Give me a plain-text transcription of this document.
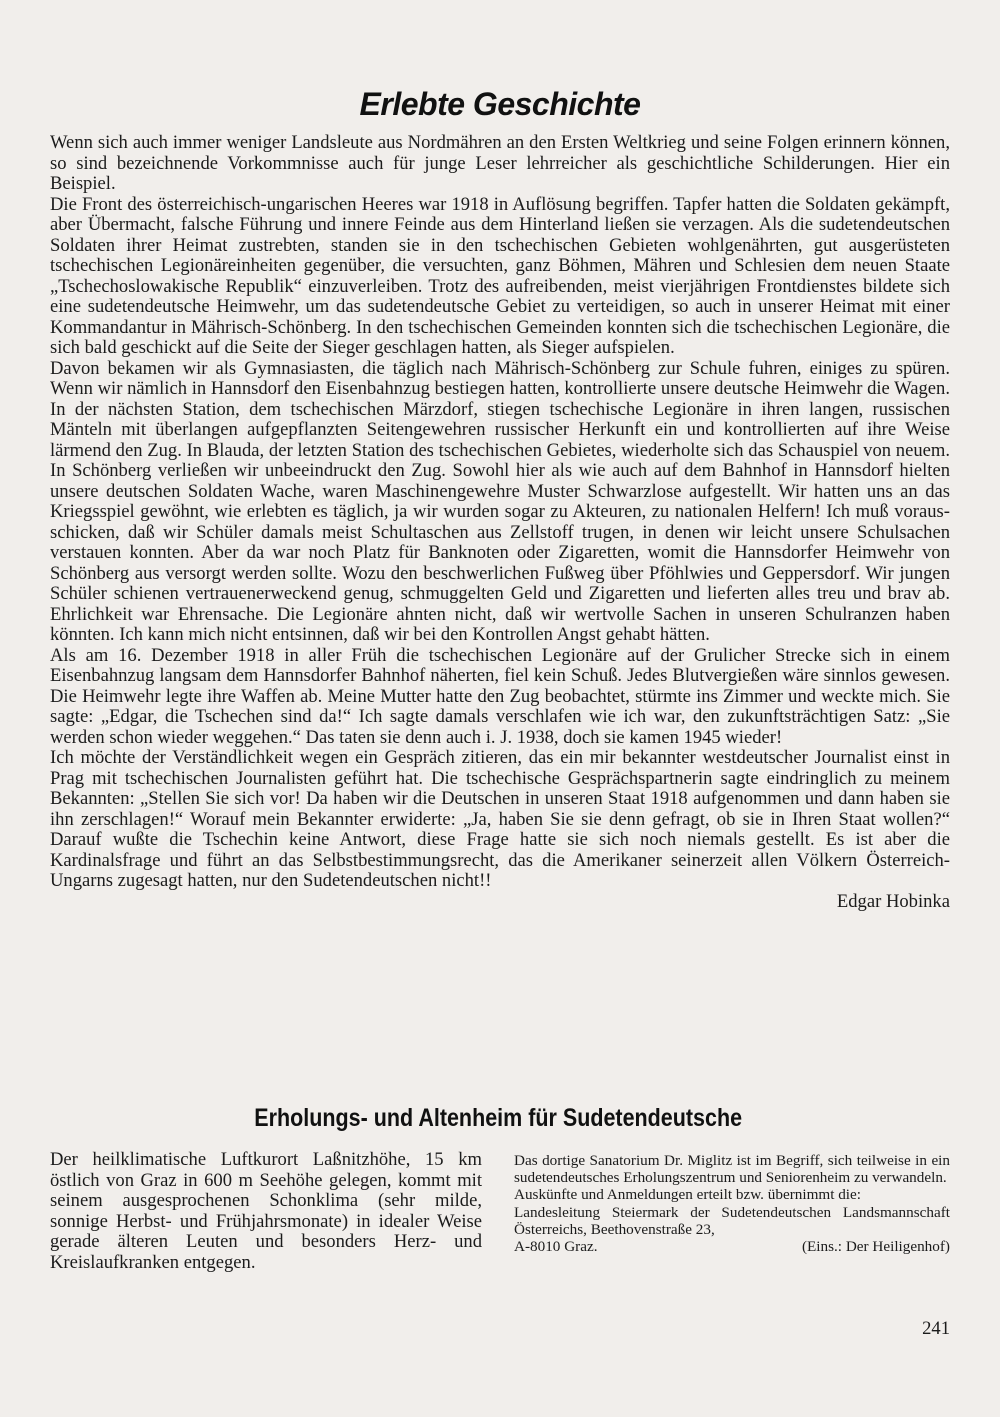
Erlebte Geschichte

Wenn sich auch immer weniger Landsleute aus Nordmähren an den Ersten Weltkrieg und seine Folgen erinnern können, so sind bezeichnende Vorkommnisse auch für junge Leser lehrreicher als geschichtliche Schilderungen. Hier ein Beispiel.

Die Front des österreichisch-ungarischen Heeres war 1918 in Auflösung begriffen. Tapfer hatten die Soldaten gekämpft, aber Übermacht, falsche Führung und innere Feinde aus dem Hinterland ließen sie verzagen. Als die sudetendeutschen Soldaten ihrer Heimat zustrebten, standen sie in den tschechischen Gebieten wohlgenährten, gut ausgerüsteten tschechischen Legionäreinheiten gegenüber, die versuchten, ganz Böhmen, Mähren und Schlesien dem neuen Staate „Tschechoslowakische Republik“ einzuverleiben. Trotz des aufreibenden, meist vierjährigen Frontdienstes bildete sich eine sudetendeutsche Heimwehr, um das sudetendeutsche Gebiet zu verteidigen, so auch in unserer Heimat mit einer Kommandantur in Mährisch-Schönberg. In den tschechischen Gemeinden konnten sich die tschechischen Legionäre, die sich bald geschickt auf die Seite der Sieger geschlagen hatten, als Sieger aufspielen.

Davon bekamen wir als Gymnasiasten, die täglich nach Mährisch-Schönberg zur Schule fuhren, einiges zu spüren. Wenn wir nämlich in Hannsdorf den Eisenbahnzug bestiegen hatten, kontrollierte unsere deutsche Heimwehr die Wagen. In der nächsten Station, dem tschechischen Märzdorf, stiegen tschechische Legionäre in ihren langen, russischen Mänteln mit überlangen aufgepflanzten Seitengewehren russischer Herkunft ein und kontrollierten auf ihre Weise lärmend den Zug. In Blauda, der letzten Station des tschechischen Gebietes, wiederholte sich das Schauspiel von neuem. In Schönberg verließen wir unbeeindruckt den Zug. Sowohl hier als wie auch auf dem Bahnhof in Hannsdorf hielten unsere deutschen Soldaten Wache, waren Maschinengewehre Muster Schwarzlose aufgestellt. Wir hatten uns an das Kriegsspiel gewöhnt, wie erlebten es täglich, ja wir wurden sogar zu Akteuren, zu nationalen Helfern! Ich muß vorausschicken, daß wir Schüler damals meist Schultaschen aus Zellstoff trugen, in denen wir leicht unsere Schulsachen verstauen konnten. Aber da war noch Platz für Banknoten oder Zigaretten, womit die Hannsdorfer Heimwehr von Schönberg aus versorgt werden sollte. Wozu den beschwerlichen Fußweg über Pföhlwies und Geppersdorf. Wir jungen Schüler schienen vertrauenerweckend genug, schmuggelten Geld und Zigaretten und lieferten alles treu und brav ab. Ehrlichkeit war Ehrensache. Die Legionäre ahnten nicht, daß wir wertvolle Sachen in unseren Schulranzen haben könnten. Ich kann mich nicht entsinnen, daß wir bei den Kontrollen Angst gehabt hätten.

Als am 16. Dezember 1918 in aller Früh die tschechischen Legionäre auf der Grulicher Strecke sich in einem Eisenbahnzug langsam dem Hannsdorfer Bahnhof näherten, fiel kein Schuß. Jedes Blutvergießen wäre sinnlos gewesen. Die Heimwehr legte ihre Waffen ab. Meine Mutter hatte den Zug beobachtet, stürmte ins Zimmer und weckte mich. Sie sagte: „Edgar, die Tschechen sind da!“ Ich sagte damals verschlafen wie ich war, den zukunftsträchtigen Satz: „Sie werden schon wieder weggehen.“ Das taten sie denn auch i. J. 1938, doch sie kamen 1945 wieder!

Ich möchte der Verständlichkeit wegen ein Gespräch zitieren, das ein mir bekannter westdeutscher Journalist einst in Prag mit tschechischen Journalisten geführt hat. Die tschechische Gesprächspartnerin sagte eindringlich zu meinem Bekannten: „Stellen Sie sich vor! Da haben wir die Deutschen in unseren Staat 1918 aufgenommen und dann haben sie ihn zerschlagen!“ Worauf mein Bekannter erwiderte: „Ja, haben Sie sie denn gefragt, ob sie in Ihren Staat wollen?“ Darauf wußte die Tschechin keine Antwort, diese Frage hatte sie sich noch niemals gestellt. Es ist aber die Kardinalsfrage und führt an das Selbstbestimmungsrecht, das die Amerikaner seinerzeit allen Völkern Österreich-Ungarns zugesagt hatten, nur den Sudetendeutschen nicht!!

Edgar Hobinka
Erholungs- und Altenheim für Sudetendeutsche
Der heilklimatische Luftkurort Laßnitzhöhe, 15 km östlich von Graz in 600 m Seehöhe gelegen, kommt mit seinem ausgesprochenen Schonklima (sehr milde, sonnige Herbst- und Frühjahrsmonate) in idealer Weise gerade älteren Leuten und besonders Herz- und Kreislaufkranken entgegen.

Das dortige Sanatorium Dr. Miglitz ist im Begriff, sich teilweise in ein sudetendeutsches Erholungszentrum und Seniorenheim zu verwandeln.

Auskünfte und Anmeldungen erteilt bzw. übernimmt die:

Landesleitung Steiermark der Sudetendeutschen Landsmannschaft Österreichs, Beethovenstraße 23,

A-8010 Graz.	(Eins.: Der Heiligenhof)
241
